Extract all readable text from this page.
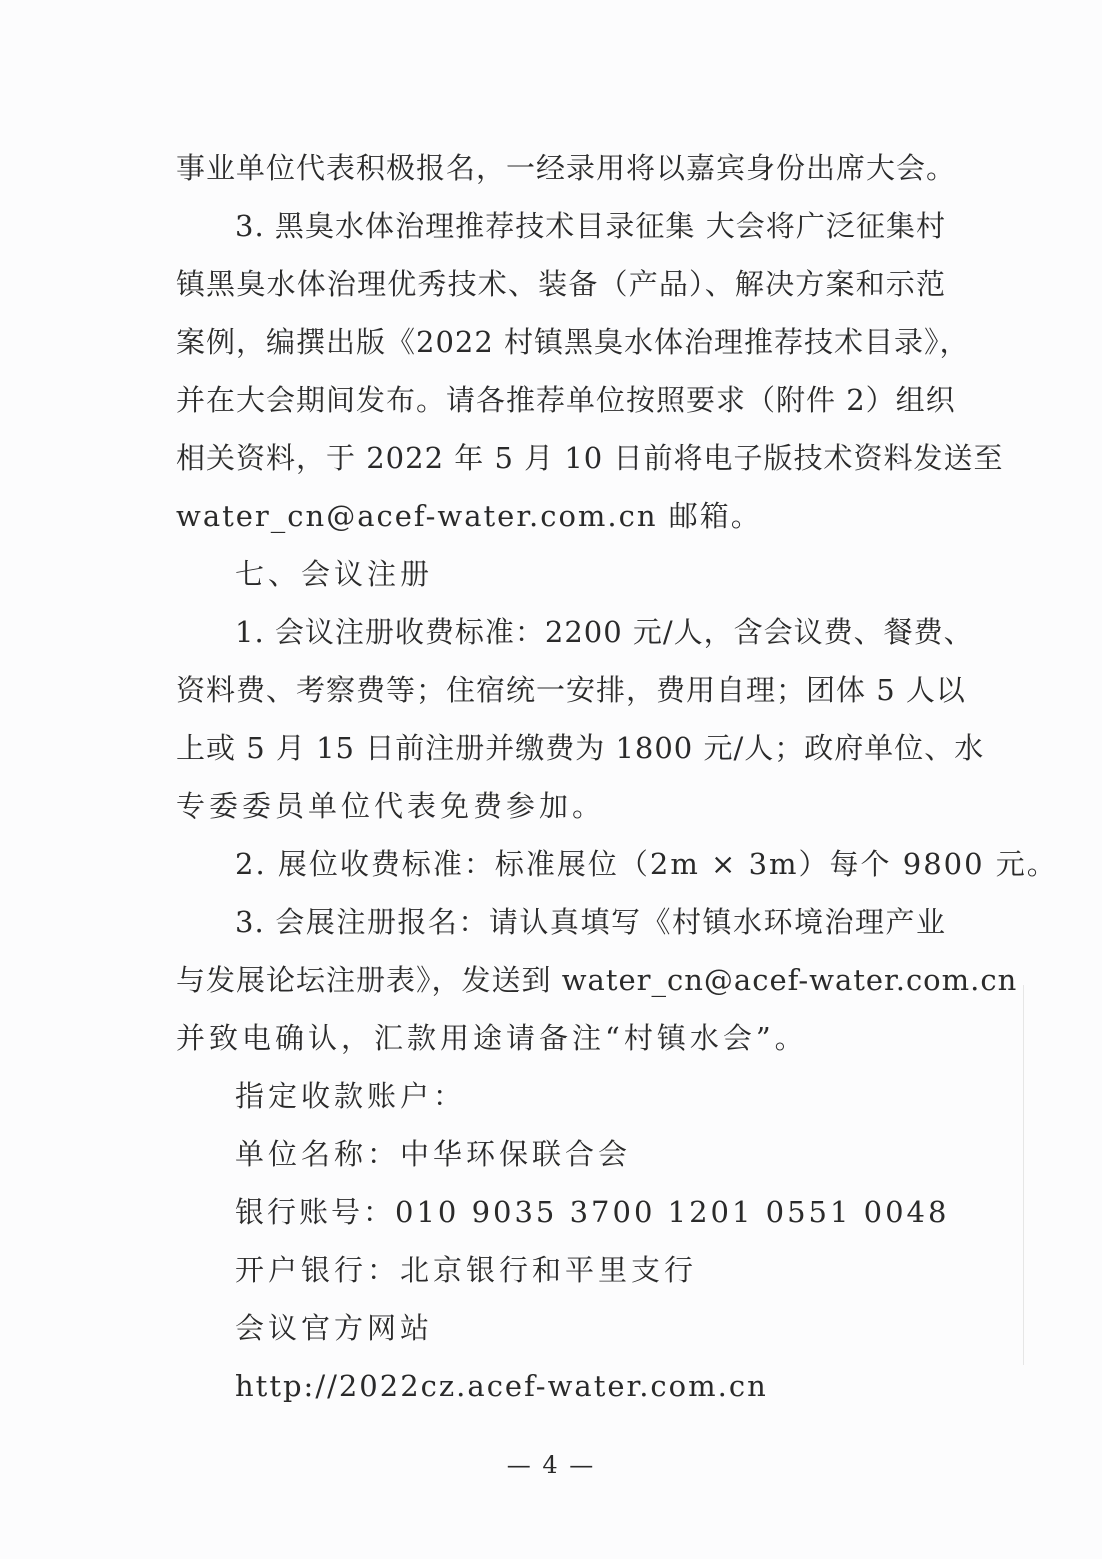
事业单位代表积极报名，一经录用将以嘉宾身份出席大会。
3. 黑臭水体治理推荐技术目录征集 大会将广泛征集村
镇黑臭水体治理优秀技术、装备（产品）、解决方案和示范
案例，编撰出版《2022 村镇黑臭水体治理推荐技术目录》，
并在大会期间发布。请各推荐单位按照要求（附件 2）组织
相关资料，于 2022 年 5 月 10 日前将电子版技术资料发送至
water_cn@acef-water.com.cn 邮箱。
七、会议注册
1. 会议注册收费标准：2200 元/人，含会议费、餐费、
资料费、考察费等；住宿统一安排，费用自理；团体 5 人以
上或 5 月 15 日前注册并缴费为 1800 元/人；政府单位、水
专委委员单位代表免费参加。
2. 展位收费标准：标准展位（2m × 3m）每个 9800 元。
3. 会展注册报名：请认真填写《村镇水环境治理产业
与发展论坛注册表》，发送到 water_cn@acef-water.com.cn
并致电确认，汇款用途请备注“村镇水会”。
指定收款账户：
单位名称：中华环保联合会
银行账号：010 9035 3700 1201 0551 0048
开户银行：北京银行和平里支行
会议官方网站
http://2022cz.acef-water.com.cn
— 4 —
